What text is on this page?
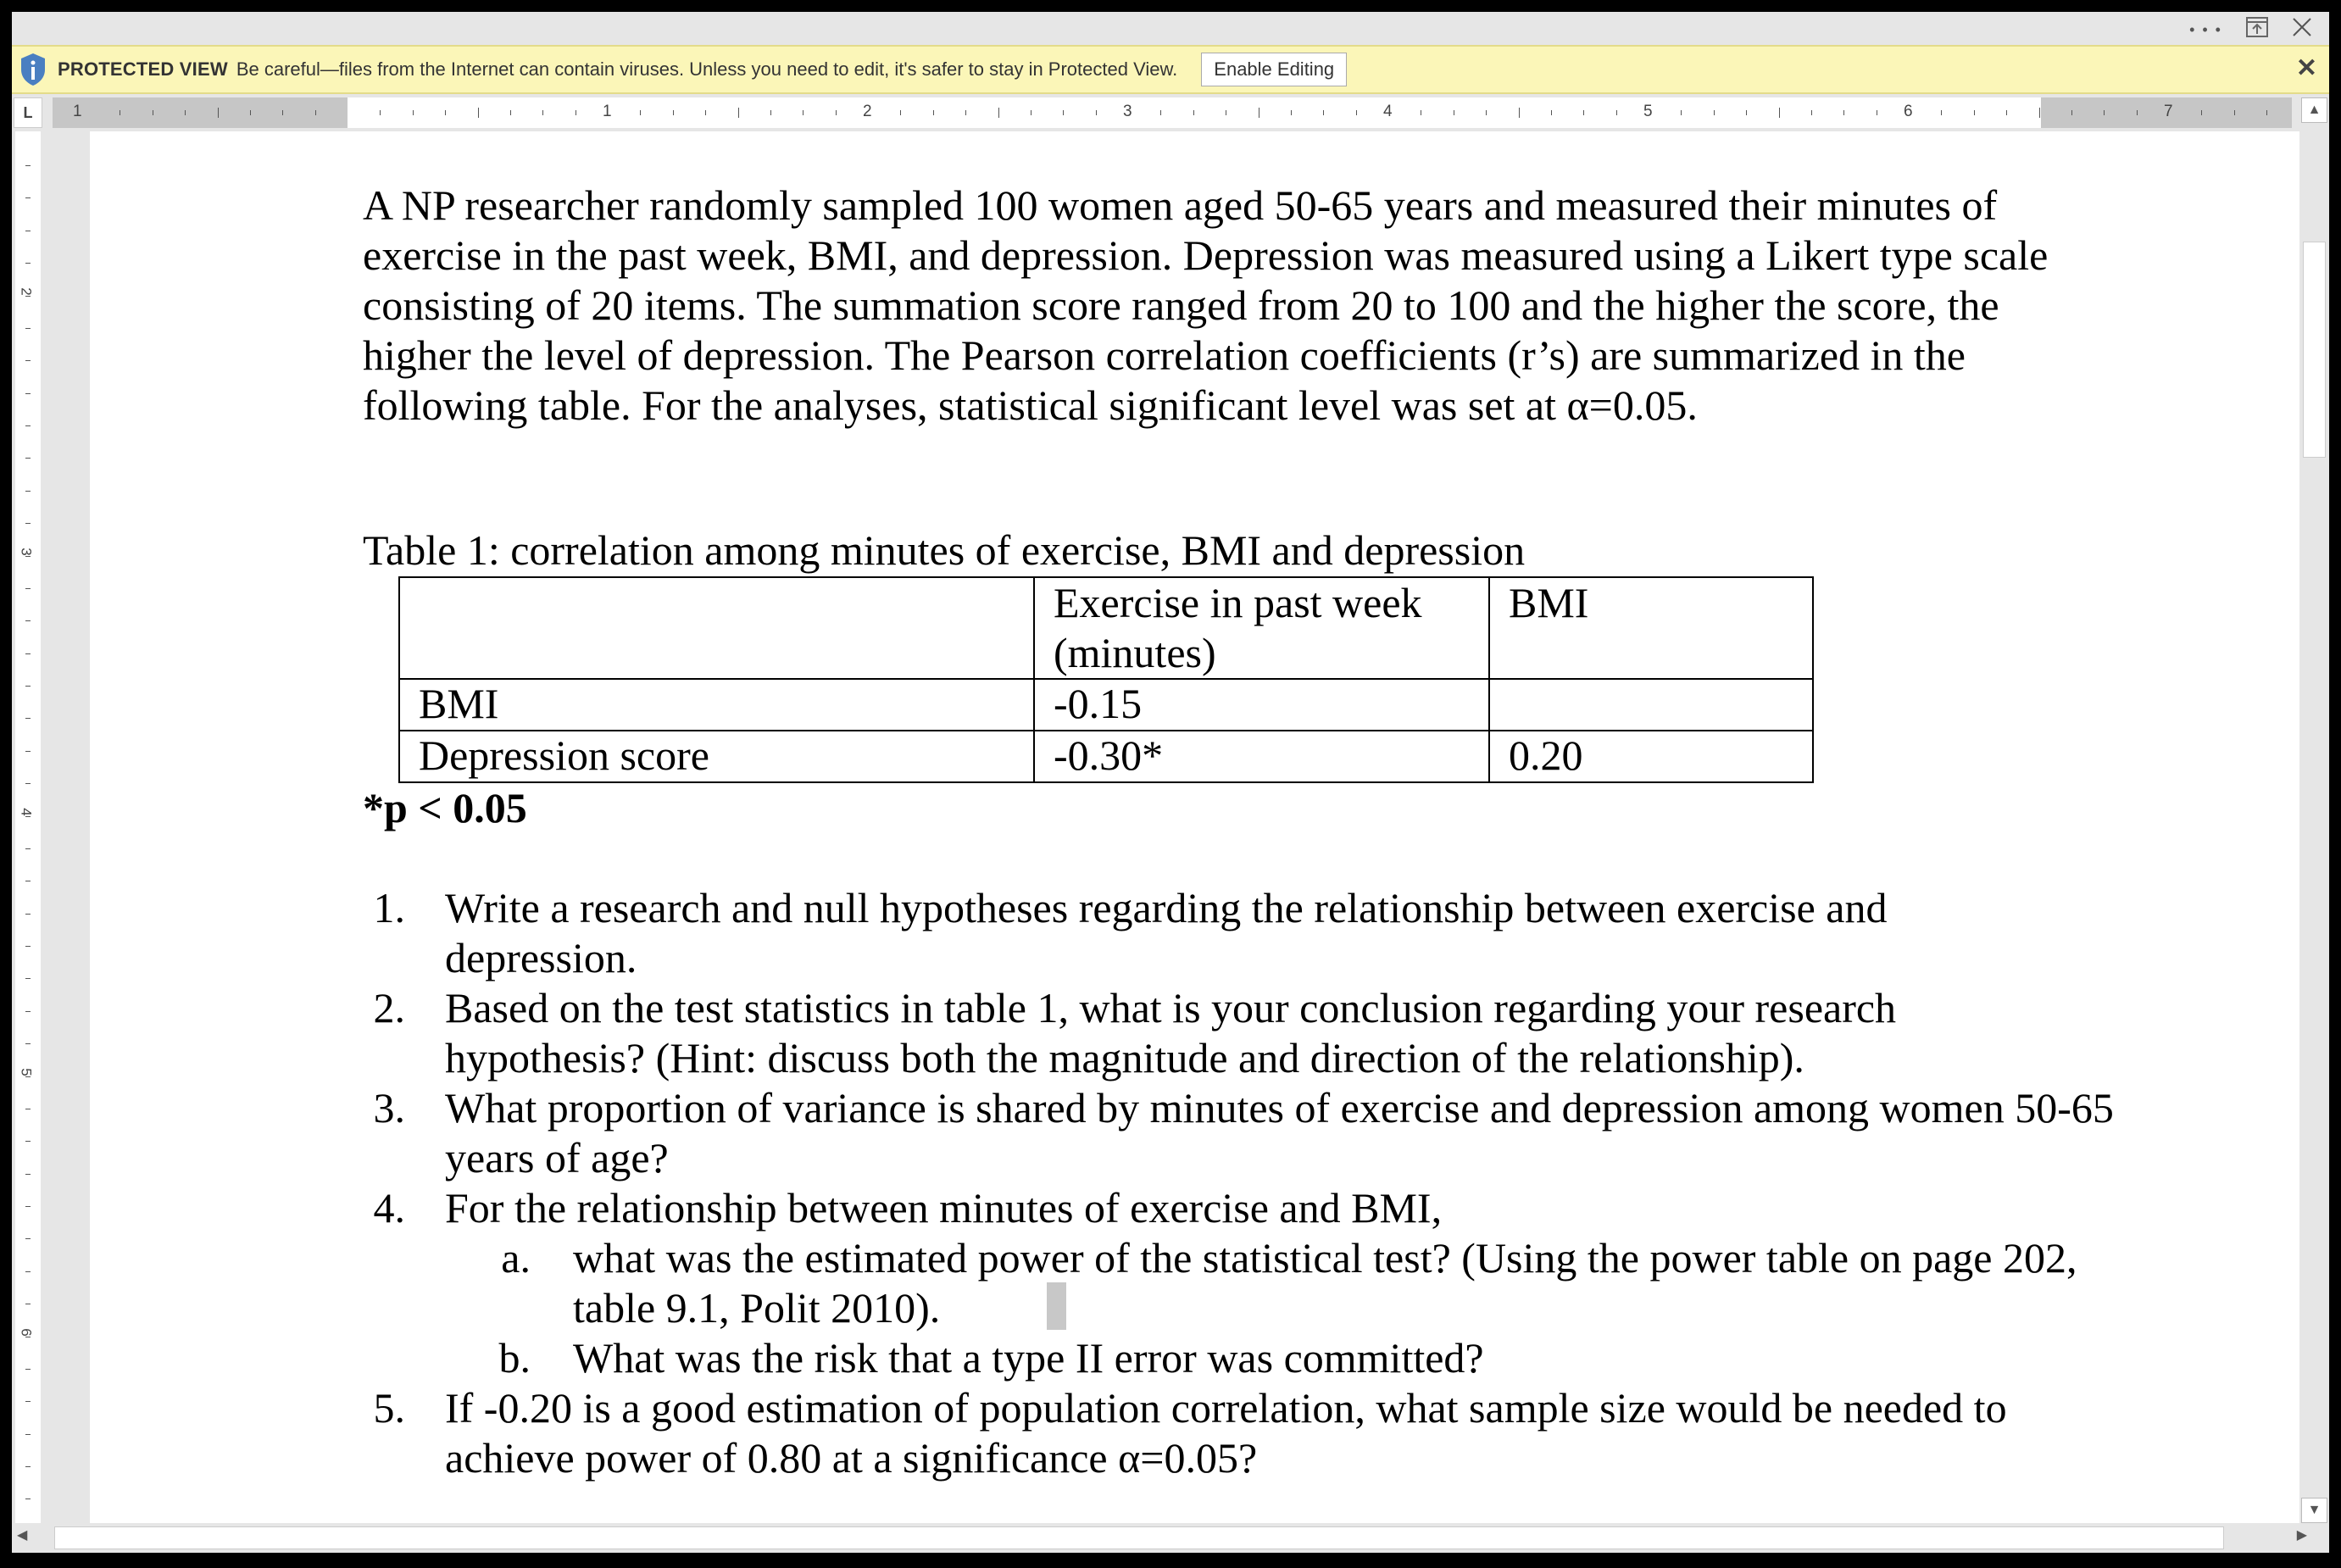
• • •
PROTECTED VIEW Be careful—files from the Internet can contain viruses. Unless you need to edit, it's safer to stay in Protected View.	Enable Editing	✕
L	1	1	2	3	4	5	6	7
2
3
4
5
6
A NP researcher randomly sampled 100 women aged 50-65 years and measured their minutes of exercise in the past week, BMI, and depression. Depression was measured using a Likert type scale consisting of 20 items. The summation score ranged from 20 to 100 and the higher the score, the higher the level of depression. The Pearson correlation coefficients (r’s) are summarized in the following table. For the analyses, statistical significant level was set at α=0.05.
Table 1: correlation among minutes of exercise, BMI and depression
	Exercise in past week (minutes)	BMI
BMI	-0.15	
Depression score	-0.30*	0.20
*p < 0.05
1. Write a research and null hypotheses regarding the relationship between exercise and depression.
2. Based on the test statistics in table 1, what is your conclusion regarding your research hypothesis? (Hint: discuss both the magnitude and direction of the relationship).
3. What proportion of variance is shared by minutes of exercise and depression among women 50-65 years of age?
4. For the relationship between minutes of exercise and BMI,
a. what was the estimated power of the statistical test? (Using the power table on page 202, table 9.1, Polit 2010).
b. What was the risk that a type II error was committed?
5. If -0.20 is a good estimation of population correlation, what sample size would be needed to achieve power of 0.80 at a significance α=0.05?
▲
▼
◀	▶
